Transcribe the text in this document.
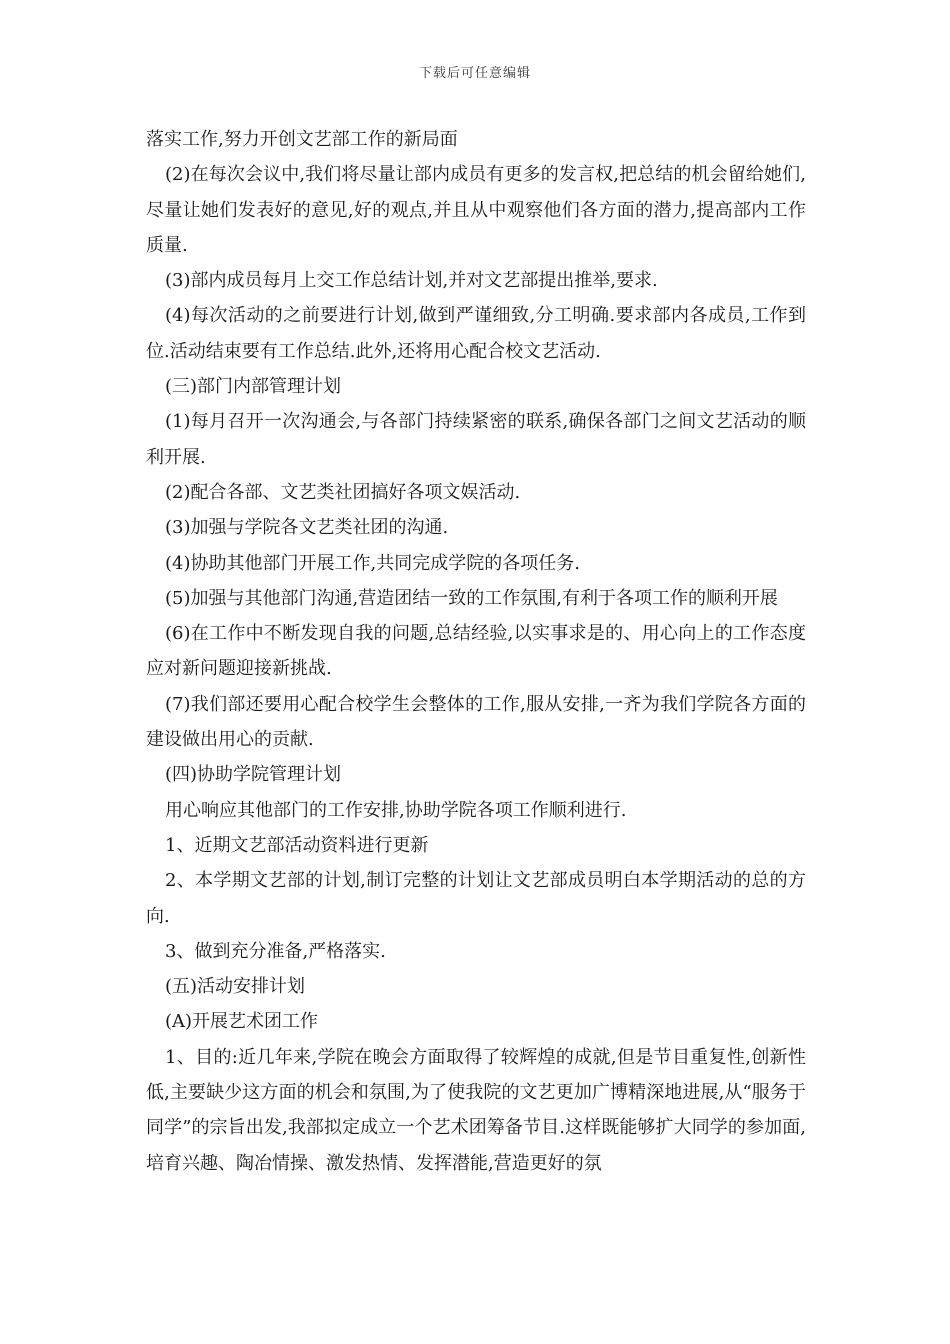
下载后可任意编辑

落实工作,努力开创文艺部工作的新局面

(2)在每次会议中,我们将尽量让部内成员有更多的发言权,把总结的机会留给她们,尽量让她们发表好的意见,好的观点,并且从中观察他们各方面的潜力,提高部内工作质量.

(3)部内成员每月上交工作总结计划,并对文艺部提出推举,要求.

(4)每次活动的之前要进行计划,做到严谨细致,分工明确.要求部内各成员,工作到位.活动结束要有工作总结.此外,还将用心配合校文艺活动.

(三)部门内部管理计划

(1)每月召开一次沟通会,与各部门持续紧密的联系,确保各部门之间文艺活动的顺利开展.

(2)配合各部、文艺类社团搞好各项文娱活动.

(3)加强与学院各文艺类社团的沟通.

(4)协助其他部门开展工作,共同完成学院的各项任务.

(5)加强与其他部门沟通,营造团结一致的工作氛围,有利于各项工作的顺利开展

(6)在工作中不断发现自我的问题,总结经验,以实事求是的、用心向上的工作态度应对新问题迎接新挑战.

(7)我们部还要用心配合校学生会整体的工作,服从安排,一齐为我们学院各方面的建设做出用心的贡献.

(四)协助学院管理计划

用心响应其他部门的工作安排,协助学院各项工作顺利进行.

1、近期文艺部活动资料进行更新

2、本学期文艺部的计划,制订完整的计划让文艺部成员明白本学期活动的总的方向.

3、做到充分准备,严格落实.

(五)活动安排计划

(A)开展艺术团工作

1、目的:近几年来,学院在晚会方面取得了较辉煌的成就,但是节目重复性,创新性低,主要缺少这方面的机会和氛围,为了使我院的文艺更加广博精深地进展,从“服务于同学”的宗旨出发,我部拟定成立一个艺术团筹备节目.这样既能够扩大同学的参加面,培育兴趣、陶冶情操、激发热情、发挥潜能,营造更好的氛
